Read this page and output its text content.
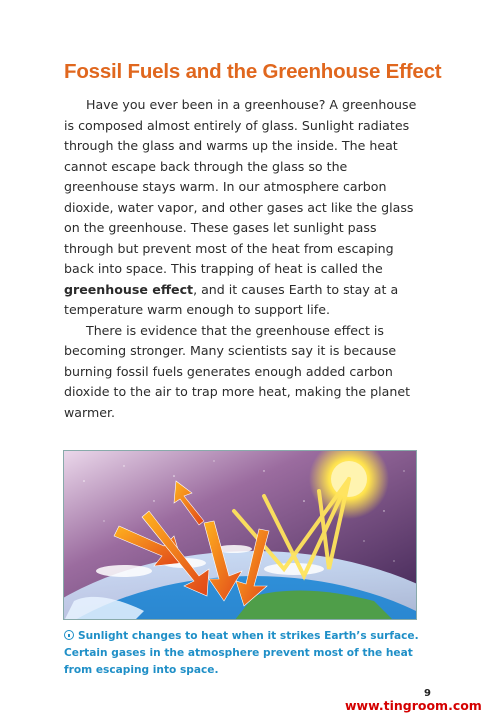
Fossil Fuels and the Greenhouse Effect

Have you ever been in a greenhouse? A greenhouse is composed almost entirely of glass. Sunlight radiates through the glass and warms up the inside. The heat cannot escape back through the glass so the greenhouse stays warm. In our atmosphere carbon dioxide, water vapor, and other gases act like the glass on the greenhouse. These gases let sunlight pass through but prevent most of the heat from escaping back into space. This trapping of heat is called the greenhouse effect, and it causes Earth to stay at a temperature warm enough to support life.

There is evidence that the greenhouse effect is becoming stronger. Many scientists say it is because burning fossil fuels generates enough added carbon dioxide to the air to trap more heat, making the planet warmer.

Sunlight changes to heat when it strikes Earth’s surface. Certain gases in the atmosphere prevent most of the heat from escaping into space.
9
www.tingroom.com
